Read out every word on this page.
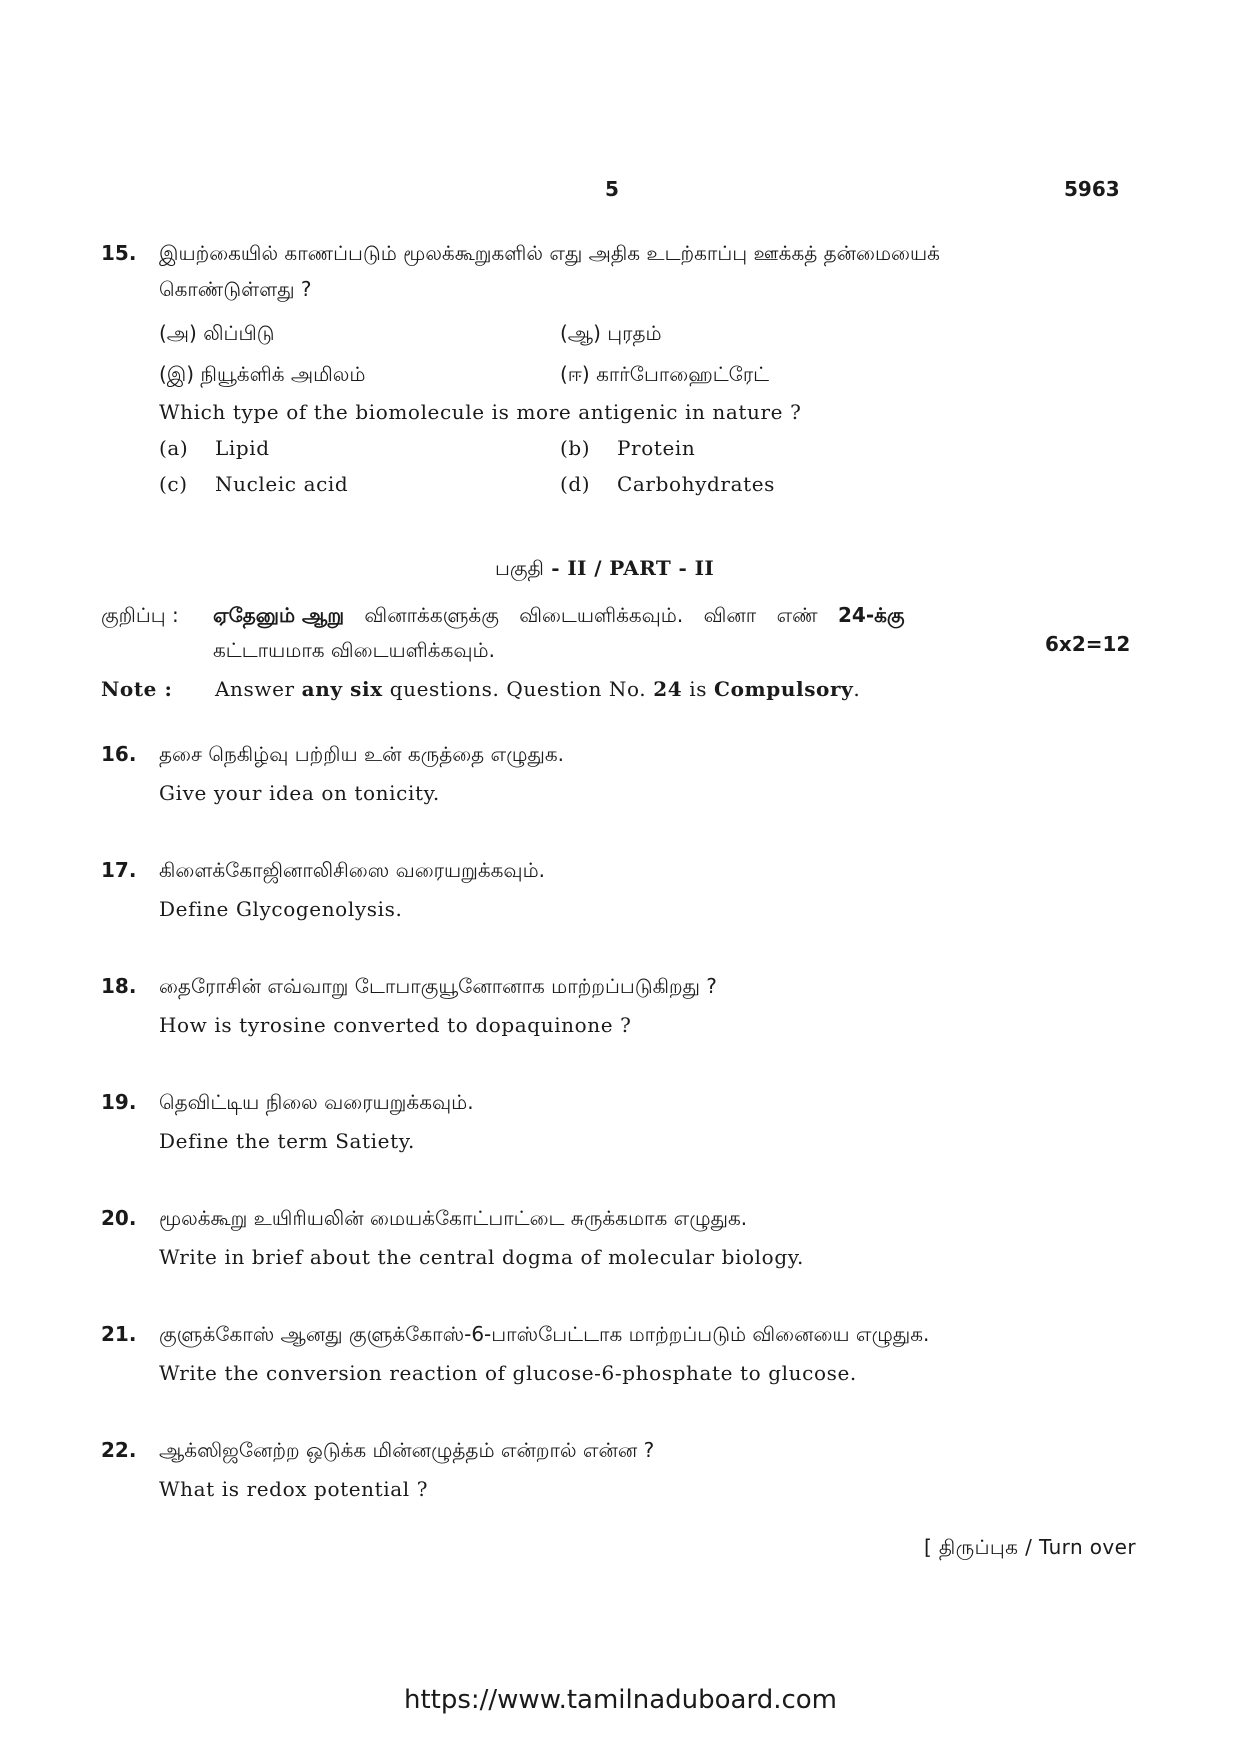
5	5963
15. இயற்கையில் காணப்படும் மூலக்கூறுகளில் எது அதிக உடற்காப்பு ஊக்கத் தன்மையைக்
கொண்டுள்ளது ?
(அ) லிப்பிடு	(ஆ) புரதம்
(இ) நியூக்ளிக் அமிலம்	(ஈ) கார்போஹைட்ரேட்
Which type of the biomolecule is more antigenic in nature ?
(a) Lipid	(b) Protein
(c) Nucleic acid	(d) Carbohydrates
பகுதி - II / PART - II
குறிப்பு : ஏதேனும் ஆறு வினாக்களுக்கு விடையளிக்கவும். வினா எண் 24-க்கு
கட்டாயமாக விடையளிக்கவும்.	6x2=12
Note : Answer any six questions. Question No. 24 is Compulsory.
16. தசை நெகிழ்வு பற்றிய உன் கருத்தை எழுதுக.
Give your idea on tonicity.
17. கிளைக்கோஜினாலிசிஸை வரையறுக்கவும்.
Define Glycogenolysis.
18. தைரோசின் எவ்வாறு டோபாகுயூனோனாக மாற்றப்படுகிறது ?
How is tyrosine converted to dopaquinone ?
19. தெவிட்டிய நிலை வரையறுக்கவும்.
Define the term Satiety.
20. மூலக்கூறு உயிரியலின் மையக்கோட்பாட்டை சுருக்கமாக எழுதுக.
Write in brief about the central dogma of molecular biology.
21. குளுக்கோஸ் ஆனது குளுக்கோஸ்-6-பாஸ்பேட்டாக மாற்றப்படும் வினையை எழுதுக.
Write the conversion reaction of glucose-6-phosphate to glucose.
22. ஆக்ஸிஜனேற்ற ஒடுக்க மின்னழுத்தம் என்றால் என்ன ?
What is redox potential ?
[ திருப்புக / Turn over
https://www.tamilnaduboard.com
